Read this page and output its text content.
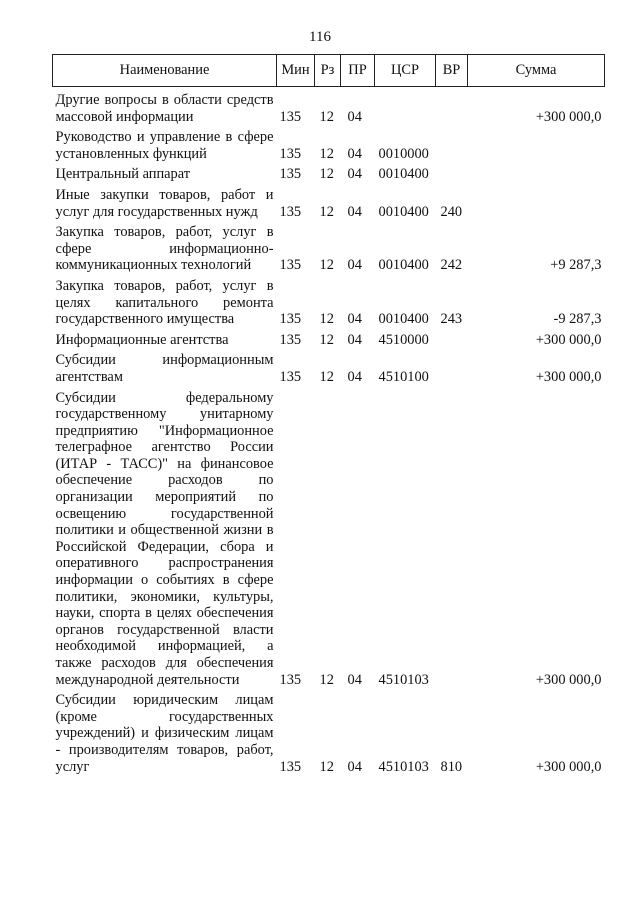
116
Наименование	Мин	Рз	ПР	ЦСР	ВР	Сумма
Другие вопросы в области средств массовой информации	135	12	04			+300 000,0
Руководство и управление в сфере установленных функций	135	12	04	0010000		
Центральный аппарат	135	12	04	0010400		
Иные закупки товаров, работ и услуг для государственных нужд	135	12	04	0010400	240	
Закупка товаров, работ, услуг в сфере информационно-коммуникационных технологий	135	12	04	0010400	242	+9 287,3
Закупка товаров, работ, услуг в целях капитального ремонта государственного имущества	135	12	04	0010400	243	-9 287,3
Информационные агентства	135	12	04	4510000		+300 000,0
Субсидии информационным агентствам	135	12	04	4510100		+300 000,0
Субсидии федеральному государственному унитарному предприятию "Информационное телеграфное агентство России (ИТАР - ТАСС)" на финансовое обеспечение расходов по организации мероприятий по освещению государственной политики и общественной жизни в Российской Федерации, сбора и оперативного распространения информации о событиях в сфере политики, экономики, культуры, науки, спорта в целях обеспечения органов государственной власти необходимой информацией, а также расходов для обеспечения международной деятельности	135	12	04	4510103		+300 000,0
Субсидии юридическим лицам (кроме государственных учреждений) и физическим лицам - производителям товаров, работ, услуг	135	12	04	4510103	810	+300 000,0
